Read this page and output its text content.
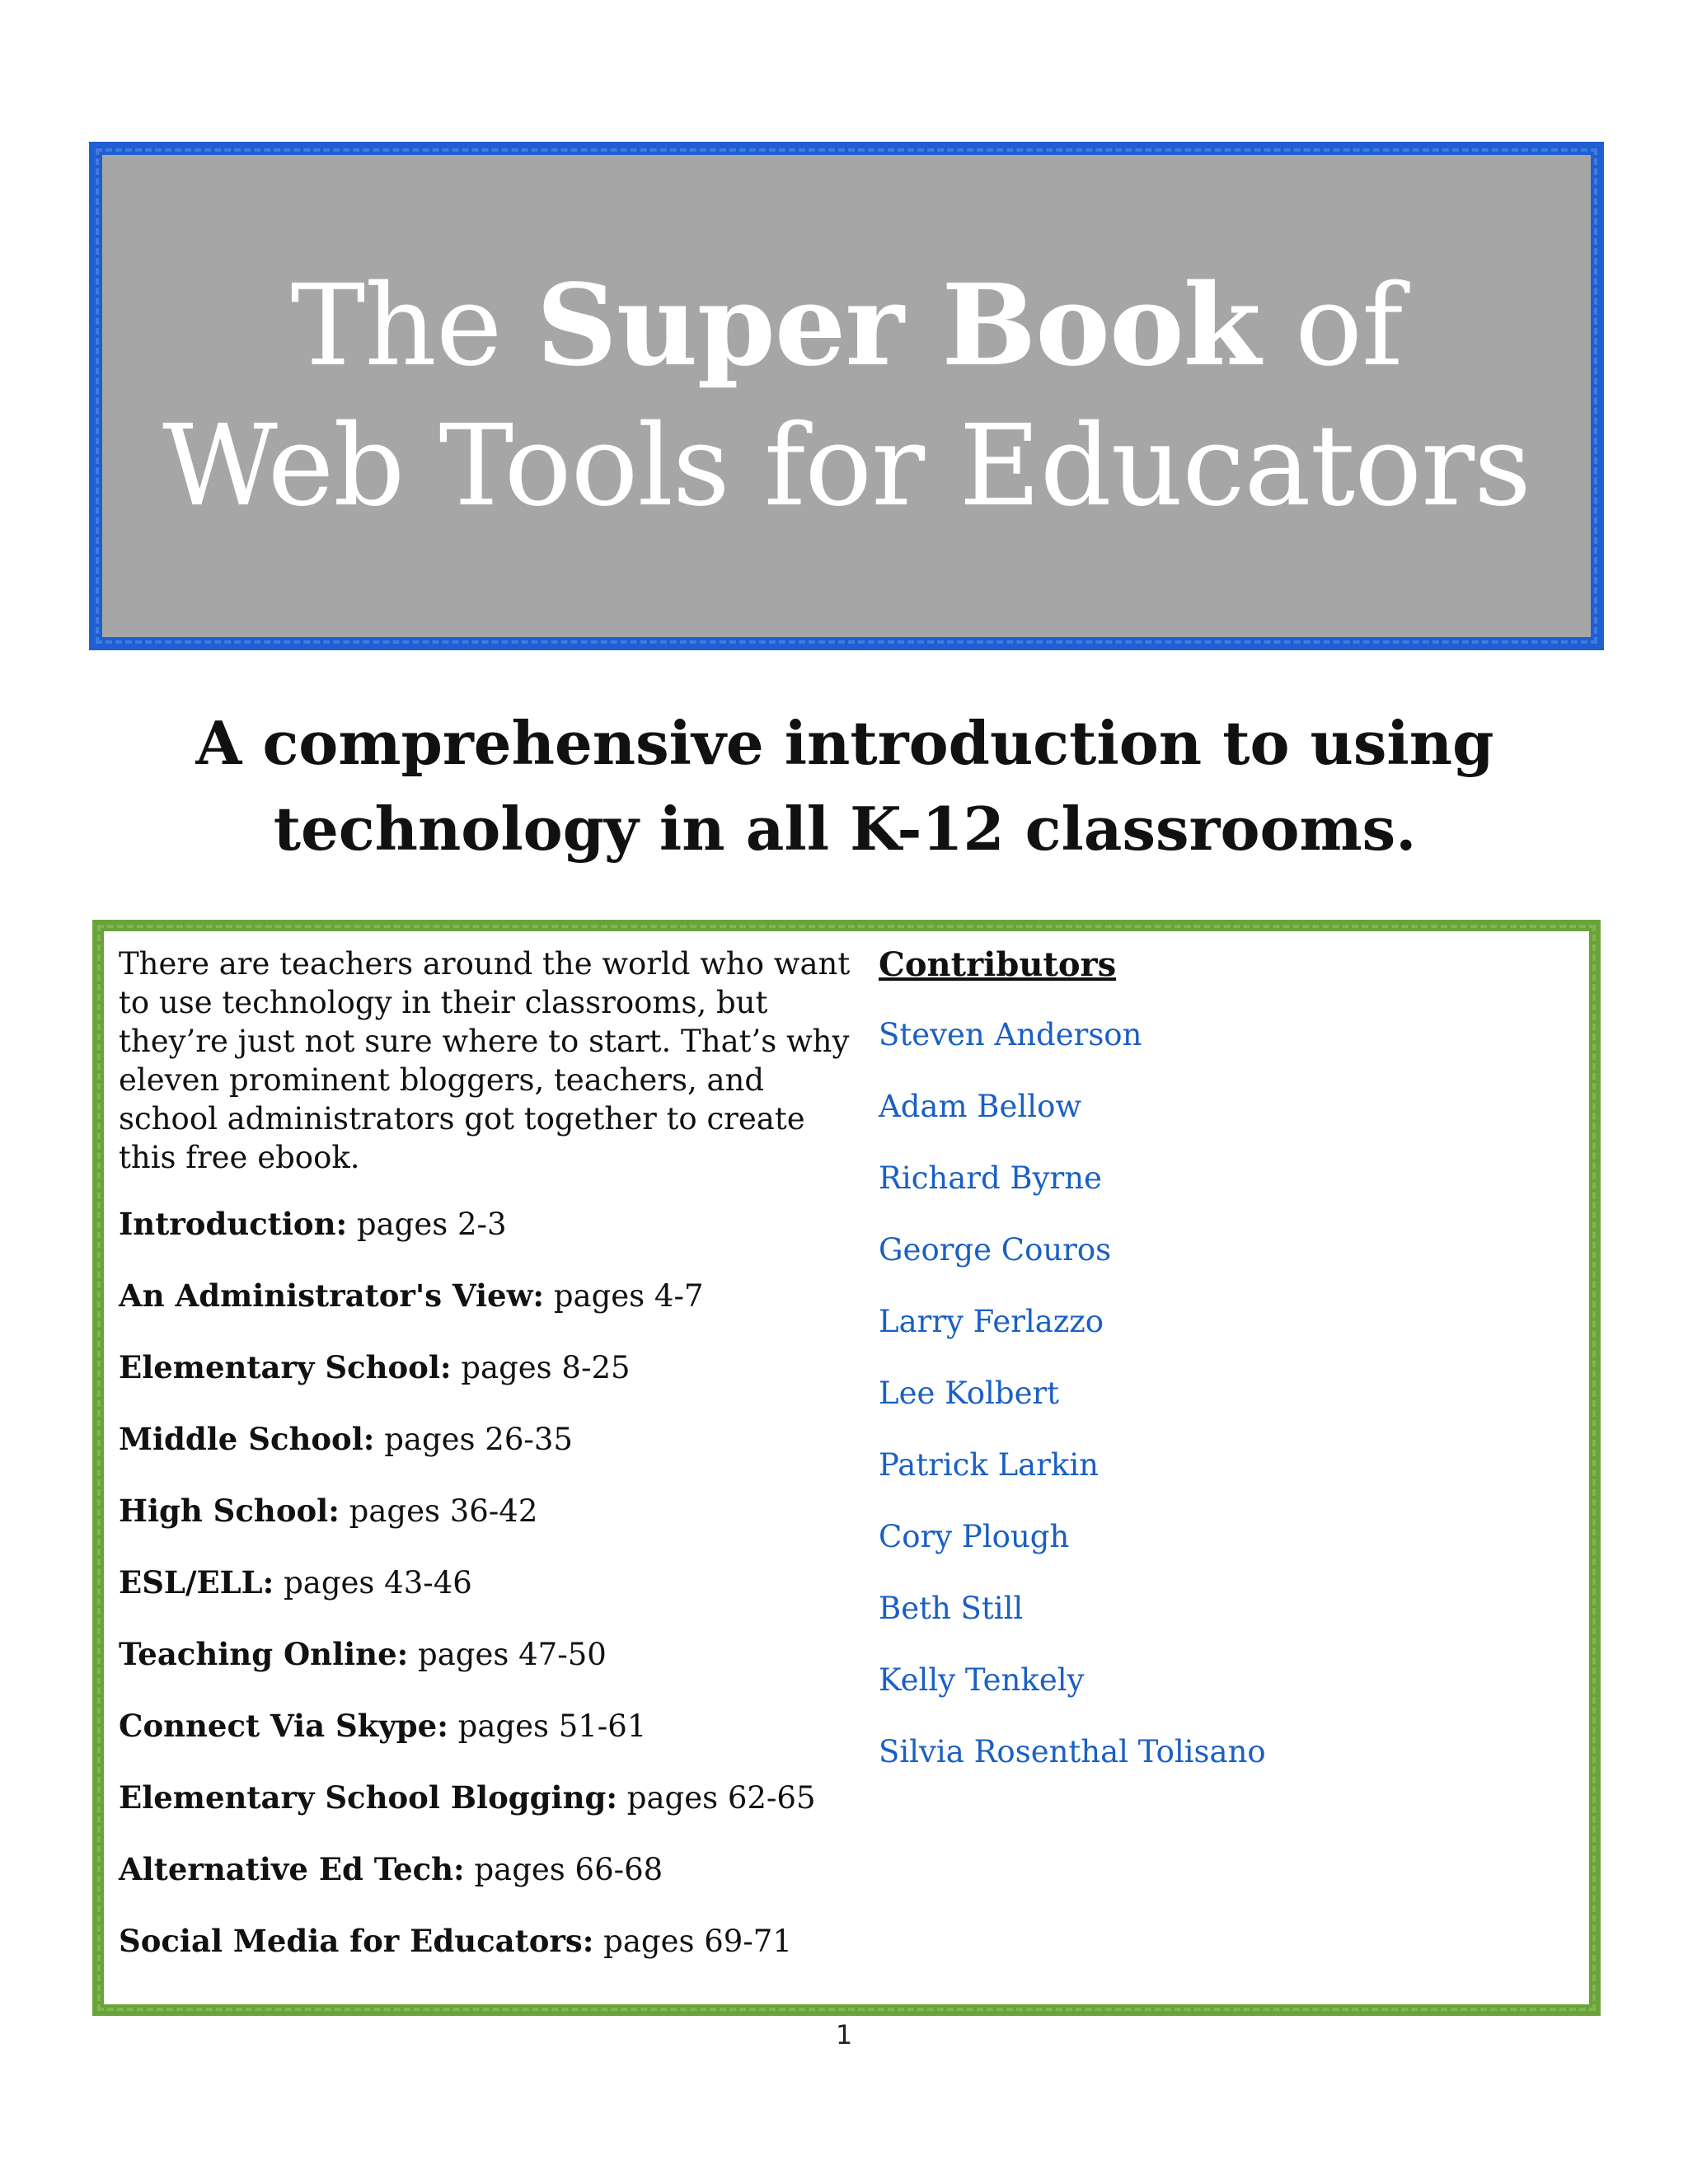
The Super Book of
Web Tools for Educators
A comprehensive introduction to using
technology in all K-12 classrooms.

There are teachers around the world who want to use technology in their classrooms, but they’re just not sure where to start. That’s why eleven prominent bloggers, teachers, and school administrators got together to create this free ebook.

Introduction: pages 2-3
An Administrator's View: pages 4-7
Elementary School: pages 8-25
Middle School: pages 26-35
High School: pages 36-42
ESL/ELL: pages 43-46
Teaching Online: pages 47-50
Connect Via Skype: pages 51-61
Elementary School Blogging: pages 62-65
Alternative Ed Tech: pages 66-68
Social Media for Educators: pages 69-71
Contributors
Steven Anderson
Adam Bellow
Richard Byrne
George Couros
Larry Ferlazzo
Lee Kolbert
Patrick Larkin
Cory Plough
Beth Still
Kelly Tenkely
Silvia Rosenthal Tolisano
1
